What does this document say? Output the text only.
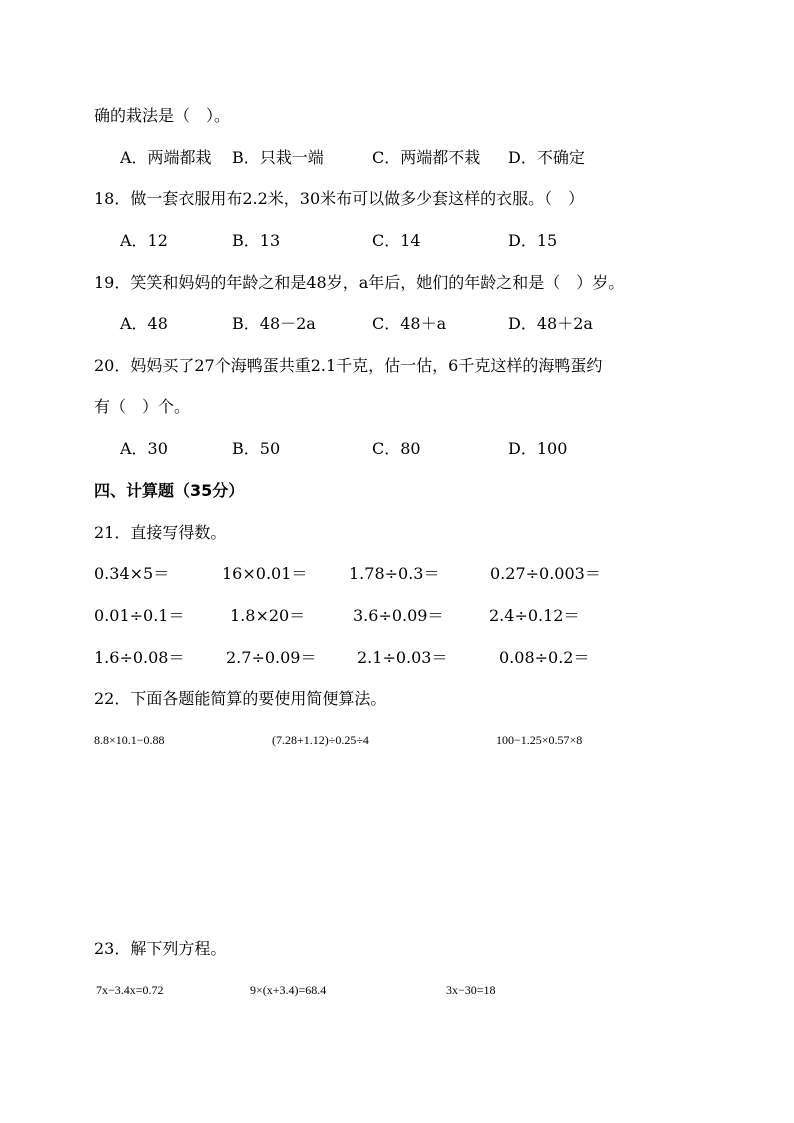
确的栽法是（　）。
A．两端都栽 B．只栽一端	C．两端都不栽 D．不确定
18．做一套衣服用布2.2米，30米布可以做多少套这样的衣服。（　）
A．12	B．13	C．14	D．15
19．笑笑和妈妈的年龄之和是48岁，a年后，她们的年龄之和是（　）岁。
A．48	B．48－2a	C．48＋a	D．48＋2a
20．妈妈买了27个海鸭蛋共重2.1千克，估一估，6千克这样的海鸭蛋约
有（　）个。
A．30	B．50	C．80	D．100
四、计算题（35分）
21．直接写得数。
0.34×5＝	16×0.01＝	1.78÷0.3＝	0.27÷0.003＝
0.01÷0.1＝	1.8×20＝	3.6÷0.09＝	2.4÷0.12＝
1.6÷0.08＝	2.7÷0.09＝	2.1÷0.03＝	0.08÷0.2＝
22．下面各题能简算的要使用简便算法。
8.8×10.1−0.88	(7.28+1.12)÷0.25÷4	100−1.25×0.57×8
23．解下列方程。
7x−3.4x=0.72	9×(x+3.4)=68.4	3x−30=18
